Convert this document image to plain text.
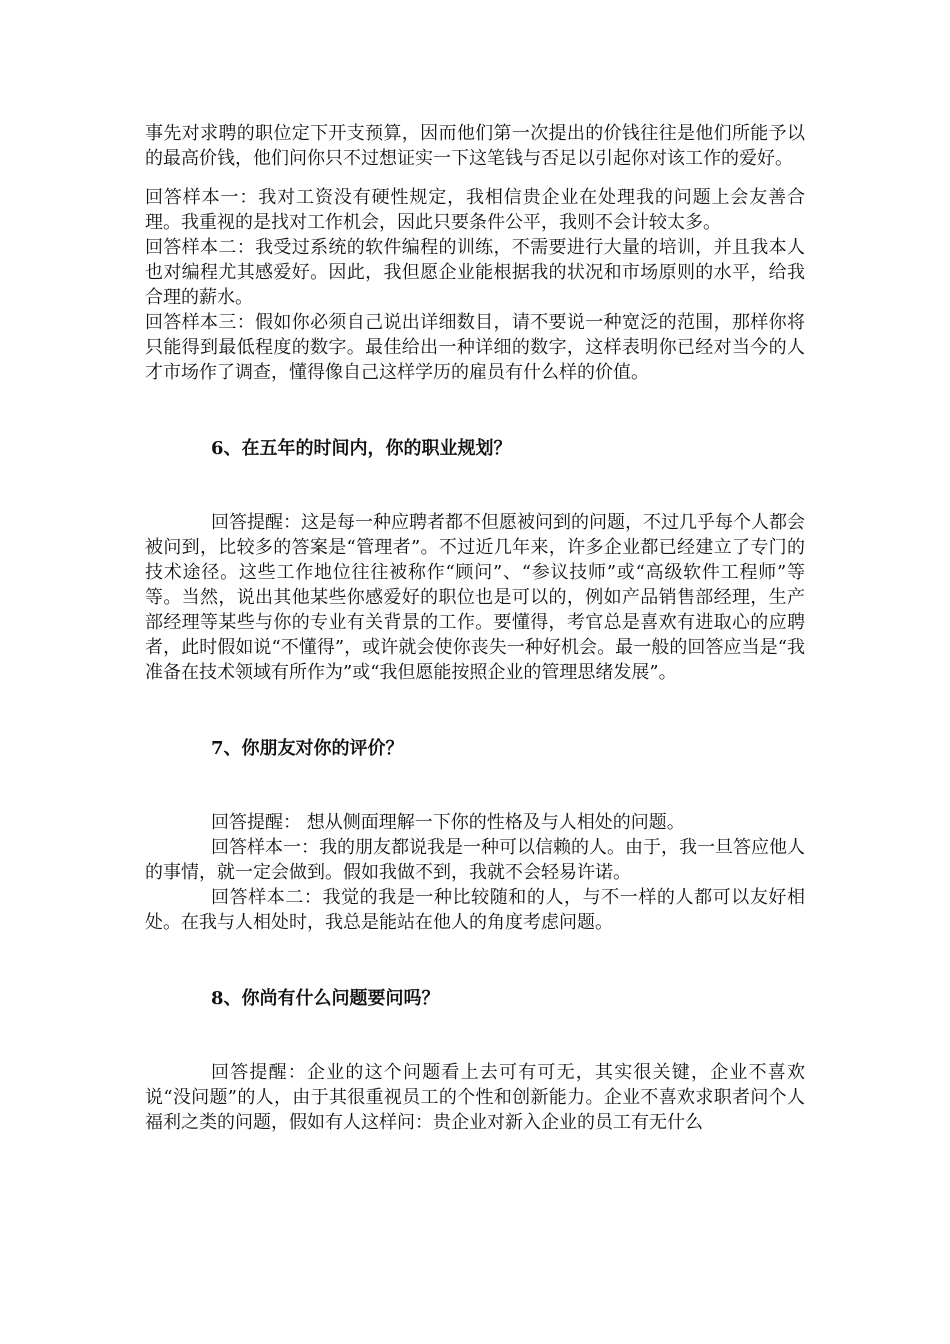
事先对求聘的职位定下开支预算，因而他们第一次提出的价钱往往是他们所能予以的最高价钱，他们问你只不过想证实一下这笔钱与否足以引起你对该工作的爱好。

回答样本一：我对工资没有硬性规定，我相信贵企业在处理我的问题上会友善合理。我重视的是找对工作机会，因此只要条件公平，我则不会计较太多。

回答样本二：我受过系统的软件编程的训练，不需要进行大量的培训，并且我本人也对编程尤其感爱好。因此，我但愿企业能根据我的状况和市场原则的水平，给我合理的薪水。

回答样本三：假如你必须自己说出详细数目，请不要说一种宽泛的范围，那样你将只能得到最低程度的数字。最佳给出一种详细的数字，这样表明你已经对当今的人才市场作了调查，懂得像自己这样学历的雇员有什么样的价值。

6、在五年的时间内，你的职业规划？

回答提醒：这是每一种应聘者都不但愿被问到的问题，不过几乎每个人都会被问到，比较多的答案是“管理者”。不过近几年来，许多企业都已经建立了专门的技术途径。这些工作地位往往被称作“顾问”、“参议技师”或“高级软件工程师”等等。当然，说出其他某些你感爱好的职位也是可以的，例如产品销售部经理，生产部经理等某些与你的专业有关背景的工作。要懂得，考官总是喜欢有进取心的应聘者，此时假如说“不懂得”，或许就会使你丧失一种好机会。最一般的回答应当是“我准备在技术领域有所作为”或“我但愿能按照企业的管理思绪发展”。

7、你朋友对你的评价？

回答提醒： 想从侧面理解一下你的性格及与人相处的问题。

回答样本一：我的朋友都说我是一种可以信赖的人。由于，我一旦答应他人的事情，就一定会做到。假如我做不到，我就不会轻易许诺。

回答样本二：我觉的我是一种比较随和的人，与不一样的人都可以友好相处。在我与人相处时，我总是能站在他人的角度考虑问题。

8、你尚有什么问题要问吗？

回答提醒：企业的这个问题看上去可有可无，其实很关键，企业不喜欢说“没问题”的人，由于其很重视员工的个性和创新能力。企业不喜欢求职者问个人福利之类的问题，假如有人这样问：贵企业对新入企业的员工有无什么
